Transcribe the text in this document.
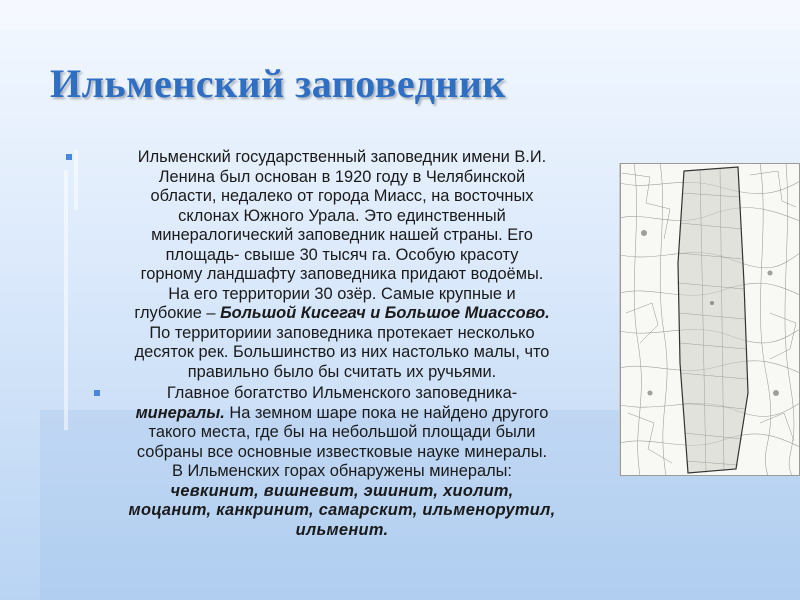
Ильменский заповедник

Ильменский государственный заповедник имени В.И.
Ленина был основан в 1920 году в Челябинской
области, недалеко от города Миасс, на восточных
склонах Южного Урала. Это единственный
минералогический заповедник нашей страны. Его
площадь- свыше 30 тысяч га. Особую красоту
горному ландшафту заповедника придают водоёмы.
На его территории 30 озёр. Самые крупные и
глубокие – Большой Кисегач и Большое Миассово.
По территориии заповедника протекает несколько
десяток рек. Большинство из них настолько малы, что
правильно было бы считать их ручьями.

Главное богатство Ильменского заповедника-
минералы. На земном шаре пока не найдено другого
такого места, где бы на небольшой площади были
собраны все основные известковые науке минералы.
В Ильменских горах обнаружены минералы:
чевкинит, вишневит, эшинит, хиолит,
моцанит, канкринит, самарскит, ильменорутил,
ильменит.
